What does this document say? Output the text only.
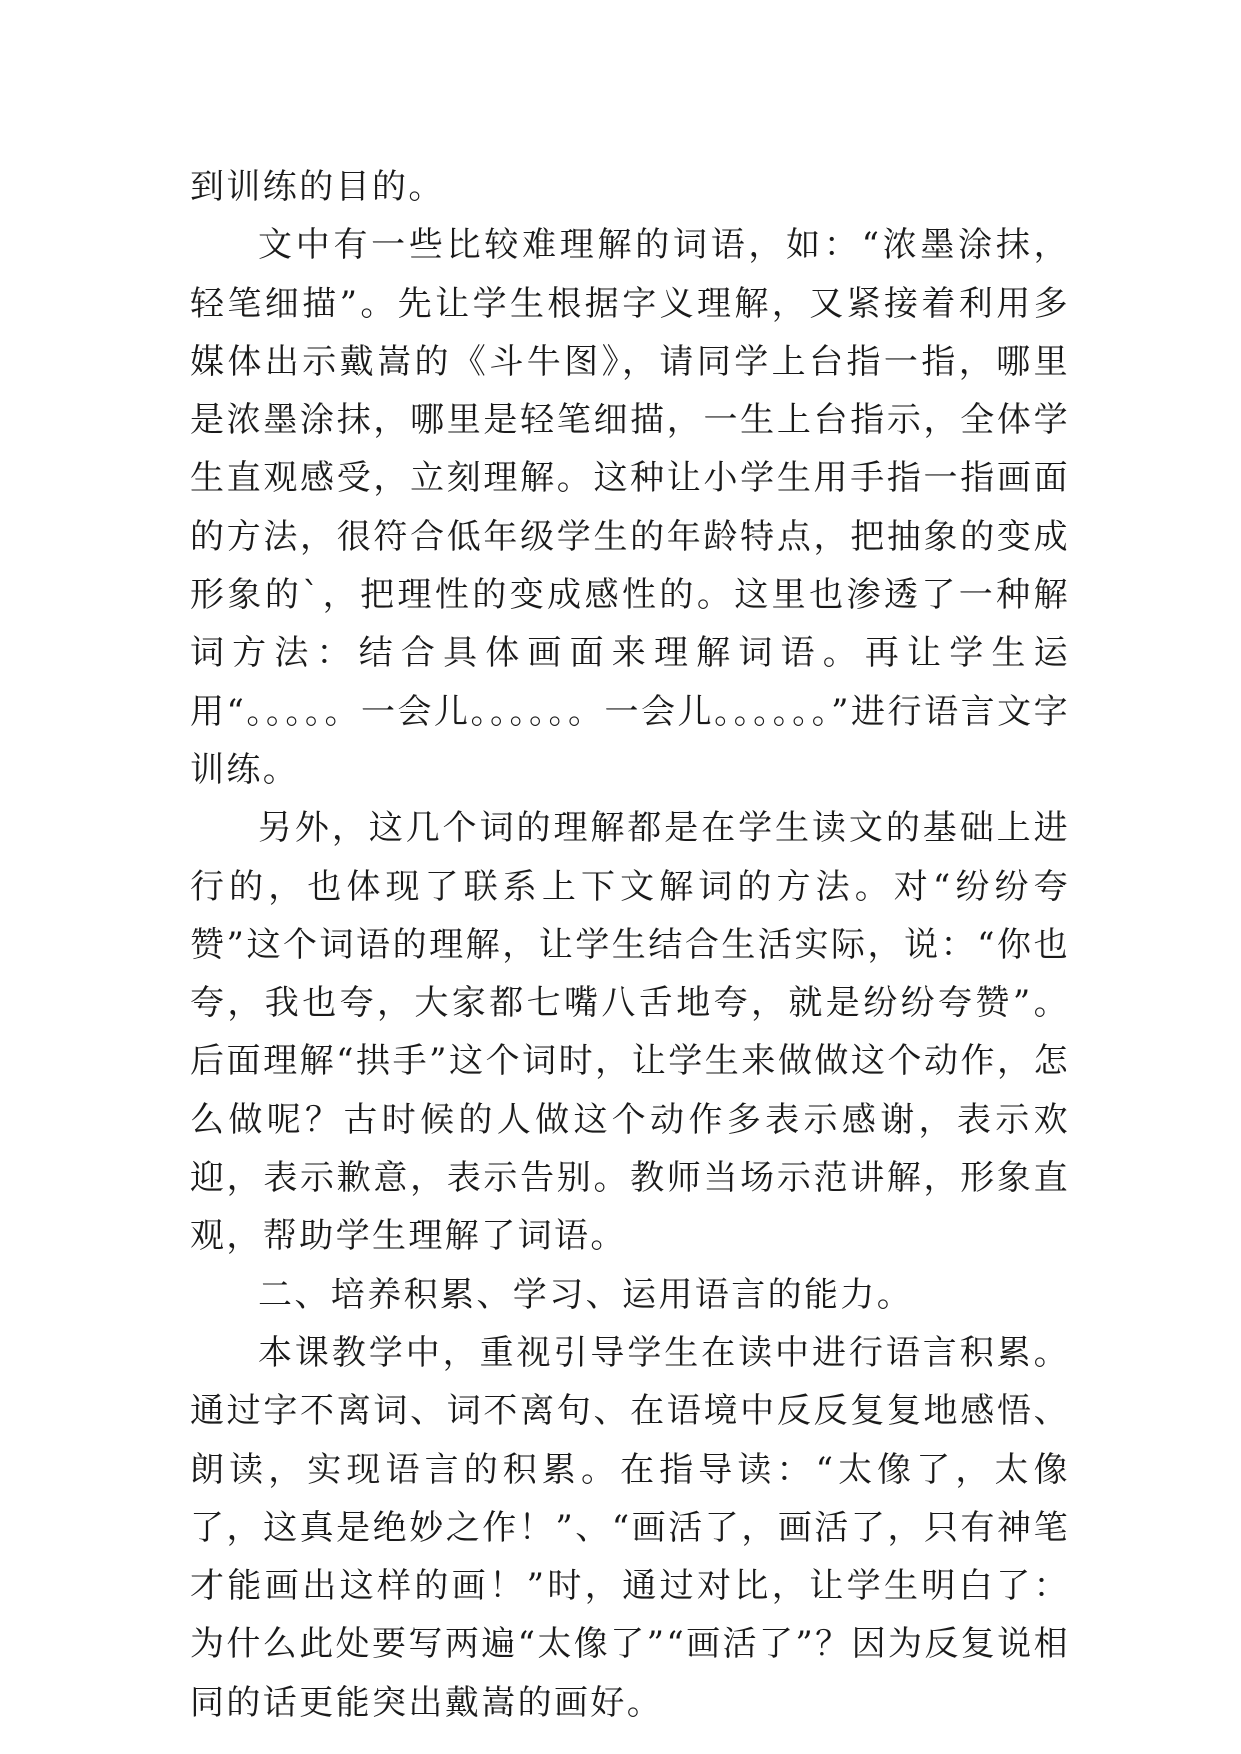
到训练的目的。

文中有一些比较难理解的词语，如：“浓墨涂抹，轻笔细描”。先让学生根据字义理解，又紧接着利用多媒体出示戴嵩的《斗牛图》，请同学上台指一指，哪里是浓墨涂抹，哪里是轻笔细描，一生上台指示，全体学生直观感受，立刻理解。这种让小学生用手指一指画面的方法，很符合低年级学生的年龄特点，把抽象的变成形象的`，把理性的变成感性的。这里也渗透了一种解词方法：结合具体画面来理解词语。再让学生运用“。。。。。一会儿。。。。。。一会儿。。。。。。”进行语言文字训练。

另外，这几个词的理解都是在学生读文的基础上进行的，也体现了联系上下文解词的方法。对“纷纷夸赞”这个词语的理解，让学生结合生活实际，说：“你也夸，我也夸，大家都七嘴八舌地夸，就是纷纷夸赞”。后面理解“拱手”这个词时，让学生来做做这个动作，怎么做呢？古时候的人做这个动作多表示感谢，表示欢迎，表示歉意，表示告别。教师当场示范讲解，形象直观，帮助学生理解了词语。

二、培养积累、学习、运用语言的能力。

本课教学中，重视引导学生在读中进行语言积累。通过字不离词、词不离句、在语境中反反复复地感悟、朗读，实现语言的积累。在指导读：“太像了，太像了，这真是绝妙之作！”、“画活了，画活了，只有神笔才能画出这样的画！”时，通过对比，让学生明白了：为什么此处要写两遍“太像了”“画活了”？因为反复说相同的话更能突出戴嵩的画好。
